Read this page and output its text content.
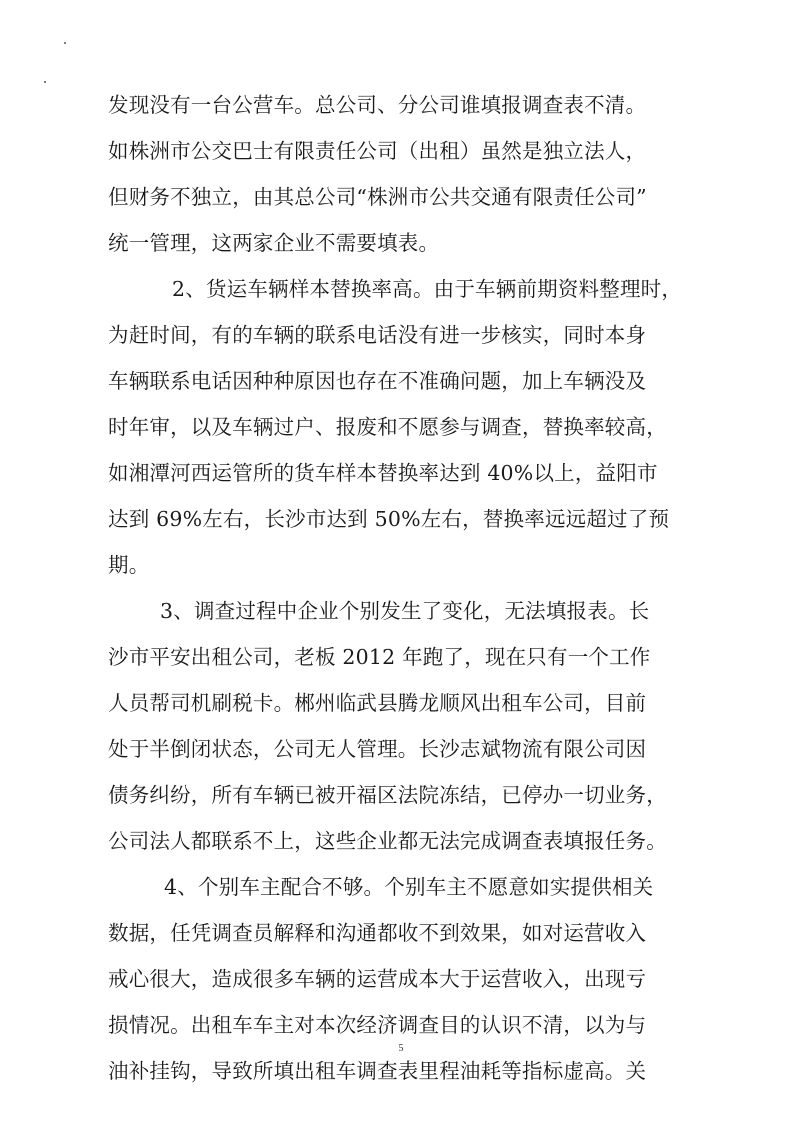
发现没有一台公营车。总公司、分公司谁填报调查表不清。
如株洲市公交巴士有限责任公司（出租）虽然是独立法人，
但财务不独立，由其总公司“株洲市公共交通有限责任公司”
统一管理，这两家企业不需要填表。
2、货运车辆样本替换率高。由于车辆前期资料整理时，
为赶时间，有的车辆的联系电话没有进一步核实，同时本身
车辆联系电话因种种原因也存在不准确问题，加上车辆没及
时年审，以及车辆过户、报废和不愿参与调查，替换率较高，
如湘潭河西运管所的货车样本替换率达到 40%以上，益阳市
达到 69%左右，长沙市达到 50%左右，替换率远远超过了预
期。
3、调查过程中企业个别发生了变化，无法填报表。长
沙市平安出租公司，老板 2012 年跑了，现在只有一个工作
人员帮司机刷税卡。郴州临武县腾龙顺风出租车公司，目前
处于半倒闭状态，公司无人管理。长沙志斌物流有限公司因
债务纠纷，所有车辆已被开福区法院冻结，已停办一切业务，
公司法人都联系不上，这些企业都无法完成调查表填报任务。
4、个别车主配合不够。个别车主不愿意如实提供相关
数据，任凭调查员解释和沟通都收不到效果，如对运营收入
戒心很大，造成很多车辆的运营成本大于运营收入，出现亏
损情况。出租车车主对本次经济调查目的认识不清，以为与
油补挂钩，导致所填出租车调查表里程油耗等指标虚高。关
5
